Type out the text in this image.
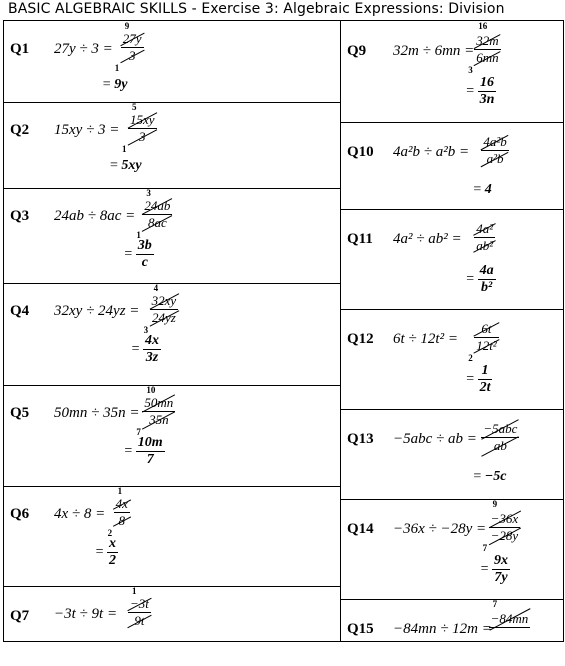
BASIC ALGEBRAIC SKILLS - Exercise 3: Algebraic Expressions: Division
Q1 $27y \div 3 = \frac{27y}{3}$
9
1
= 9y
Q2 $15xy \div 3 = \frac{15xy}{3}$
5
1
= 5xy
Q3 $24ab \div 8ac = \frac{24ab}{8ac}$
3
1
= $\frac{3b}{c}$
Q4 $32xy \div 24yz = \frac{32xy}{24yz}$
4
3
= $\frac{4x}{3z}$
Q5 $50mn \div 35n = \frac{50mn}{35n}$
10
7
= $\frac{10m}{7}$
Q6 $4x \div 8 = \frac{4x}{8}$
1
2
= $\frac{x}{2}$
$Q7 -3t \div 9t = \frac{-3t}{9t}$
1
Q9 $32m \div 6mn = \frac{32m}{6mn}$
16
3
= $\frac{16}{3n}$
Q10 $4a^2b \div a^2b = \frac{\text{4a²b}}{\text{a²b}}$
= 4
Q11 $4a^2 \div ab^2 = \frac{\text{4a²}}{\text{ab²}}$
= $\frac{4a}{\text{b²}}$
Q12 $6t \div 12t^2 = \frac{6t}{\text{12t²}}$
2
= $\frac{1}{2t}$
Q13 −5abc ÷ ab =
−5abc
ab
= −5c
$Q14 -36x \div -28y = \frac{-36x}{-28y}$
9
7
= $\frac{9x}{7y}$
Q15 −84mn ÷ 12m =
−84mn
7
